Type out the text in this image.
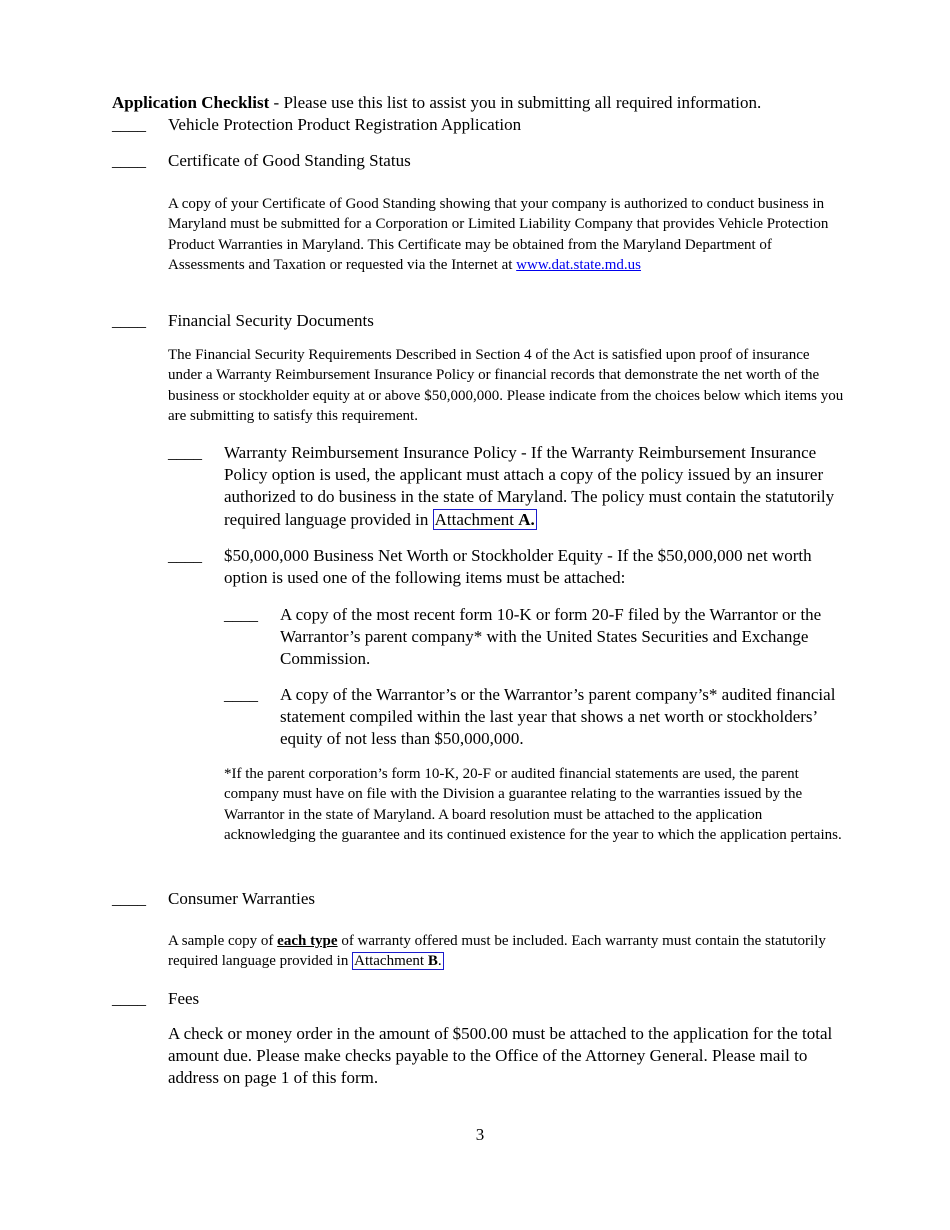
Application Checklist - Please use this list to assist you in submitting all required information.
____ Vehicle Protection Product Registration Application
____ Certificate of Good Standing Status
A copy of your Certificate of Good Standing showing that your company is authorized to conduct business in Maryland must be submitted for a Corporation or Limited Liability Company that provides Vehicle Protection Product Warranties in Maryland. This Certificate may be obtained from the Maryland Department of Assessments and Taxation or requested via the Internet at www.dat.state.md.us
____ Financial Security Documents
The Financial Security Requirements Described in Section 4 of the Act is satisfied upon proof of insurance under a Warranty Reimbursement Insurance Policy or financial records that demonstrate the net worth of the business or stockholder equity at or above $50,000,000. Please indicate from the choices below which items you are submitting to satisfy this requirement.
____ Warranty Reimbursement Insurance Policy - If the Warranty Reimbursement Insurance Policy option is used, the applicant must attach a copy of the policy issued by an insurer authorized to do business in the state of Maryland. The policy must contain the statutorily required language provided in Attachment A.
____ $50,000,000 Business Net Worth or Stockholder Equity - If the $50,000,000 net worth option is used one of the following items must be attached:
____ A copy of the most recent form 10-K or form 20-F filed by the Warrantor or the Warrantor’s parent company* with the United States Securities and Exchange Commission.
____ A copy of the Warrantor’s or the Warrantor’s parent company’s* audited financial statement compiled within the last year that shows a net worth or stockholders’ equity of not less than $50,000,000.
*If the parent corporation’s form 10-K, 20-F or audited financial statements are used, the parent company must have on file with the Division a guarantee relating to the warranties issued by the Warrantor in the state of Maryland. A board resolution must be attached to the application acknowledging the guarantee and its continued existence for the year to which the application pertains.
____ Consumer Warranties
A sample copy of each type of warranty offered must be included. Each warranty must contain the statutorily required language provided in Attachment B.
____ Fees
A check or money order in the amount of $500.00 must be attached to the application for the total amount due. Please make checks payable to the Office of the Attorney General. Please mail to address on page 1 of this form.
3
